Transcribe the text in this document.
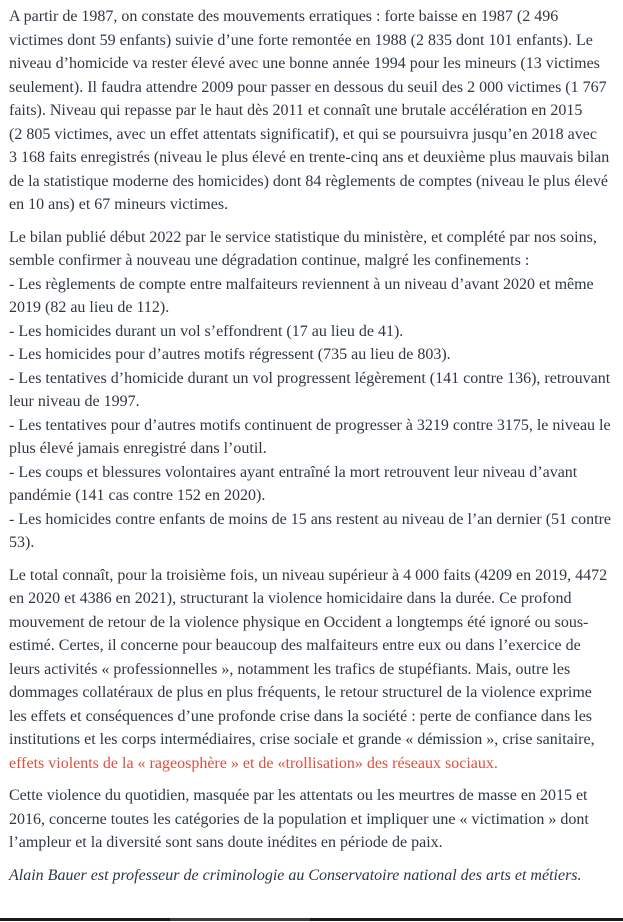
A partir de 1987, on constate des mouvements erratiques : forte baisse en 1987 (2 496 victimes dont 59 enfants) suivie d’une forte remontée en 1988 (2 835 dont 101 enfants). Le niveau d’homicide va rester élevé avec une bonne année 1994 pour les mineurs (13 victimes seulement). Il faudra attendre 2009 pour passer en dessous du seuil des 2 000 victimes (1 767 faits). Niveau qui repasse par le haut dès 2011 et connaît une brutale accélération en 2015 (2 805 victimes, avec un effet attentats significatif), et qui se poursuivra jusqu’en 2018 avec 3 168 faits enregistrés (niveau le plus élevé en trente-cinq ans et deuxième plus mauvais bilan de la statistique moderne des homicides) dont 84 règlements de comptes (niveau le plus élevé en 10 ans) et 67 mineurs victimes.

Le bilan publié début 2022 par le service statistique du ministère, et complété par nos soins, semble confirmer à nouveau une dégradation continue, malgré les confinements :
- Les règlements de compte entre malfaiteurs reviennent à un niveau d’avant 2020 et même 2019 (82 au lieu de 112).
- Les homicides durant un vol s’effondrent (17 au lieu de 41).
- Les homicides pour d’autres motifs régressent (735 au lieu de 803).
- Les tentatives d’homicide durant un vol progressent légèrement (141 contre 136), retrouvant leur niveau de 1997.
- Les tentatives pour d’autres motifs continuent de progresser à 3219 contre 3175, le niveau le plus élevé jamais enregistré dans l’outil.
- Les coups et blessures volontaires ayant entraîné la mort retrouvent leur niveau d’avant pandémie (141 cas contre 152 en 2020).
- Les homicides contre enfants de moins de 15 ans restent au niveau de l’an dernier (51 contre 53).

Le total connaît, pour la troisième fois, un niveau supérieur à 4 000 faits (4209 en 2019, 4472 en 2020 et 4386 en 2021), structurant la violence homicidaire dans la durée. Ce profond mouvement de retour de la violence physique en Occident a longtemps été ignoré ou sous-estimé. Certes, il concerne pour beaucoup des malfaiteurs entre eux ou dans l’exercice de leurs activités « professionnelles », notamment les trafics de stupéfiants. Mais, outre les dommages collatéraux de plus en plus fréquents, le retour structurel de la violence exprime les effets et conséquences d’une profonde crise dans la société : perte de confiance dans les institutions et les corps intermédiaires, crise sociale et grande « démission », crise sanitaire, effets violents de la « rageosphère » et de «trollisation» des réseaux sociaux.

Cette violence du quotidien, masquée par les attentats ou les meurtres de masse en 2015 et 2016, concerne toutes les catégories de la population et impliquer une « victimation » dont l’ampleur et la diversité sont sans doute inédites en période de paix.

Alain Bauer est professeur de criminologie au Conservatoire national des arts et métiers.
